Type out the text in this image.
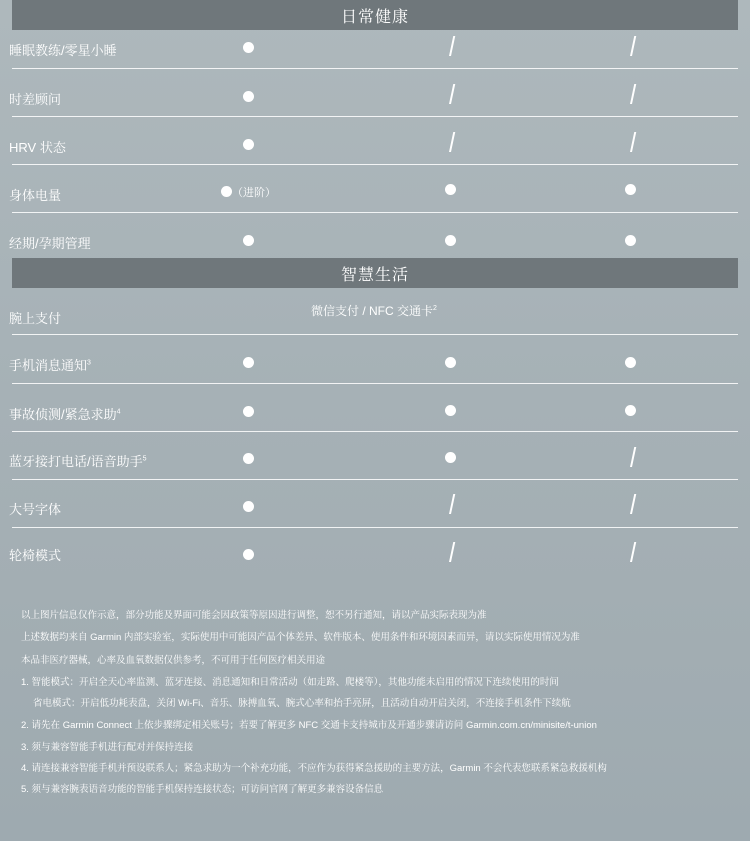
日常健康
睡眠教练/零星小睡
时差顾问
HRV 状态
身体电量	（进阶）
经期/孕期管理
智慧生活
腕上支付	微信支付 / NFC 交通卡$^2$
手机消息通知$^3$
事故侦测/紧急求助$^4$
蓝牙接打电话/语音助手$^5$
大号字体
轮椅模式
以上图片信息仅作示意，部分功能及界面可能会因政策等原因进行调整，恕不另行通知，请以产品实际表现为准
上述数据均来自 Garmin 内部实验室，实际使用中可能因产品个体差异、软件版本、使用条件和环境因素而异，请以实际使用情况为准
本品非医疗器械，心率及血氧数据仅供参考，不可用于任何医疗相关用途
1. 智能模式：开启全天心率监测、蓝牙连接、消息通知和日常活动（如走路、爬楼等），其他功能未启用的情况下连续使用的时间
省电模式：开启低功耗表盘，关闭 Wi-Fi、音乐、脉搏血氧、腕式心率和抬手亮屏，且活动自动开启关闭，不连接手机条件下续航
2. 请先在 Garmin Connect 上依步骤绑定相关账号；若要了解更多 NFC 交通卡支持城市及开通步骤请访问 Garmin.com.cn/minisite/t-union
3. 须与兼容智能手机进行配对并保持连接
4. 请连接兼容智能手机并预设联系人；紧急求助为一个补充功能，不应作为获得紧急援助的主要方法，Garmin 不会代表您联系紧急救援机构
5. 须与兼容腕表语音功能的智能手机保持连接状态；可访问官网了解更多兼容设备信息
